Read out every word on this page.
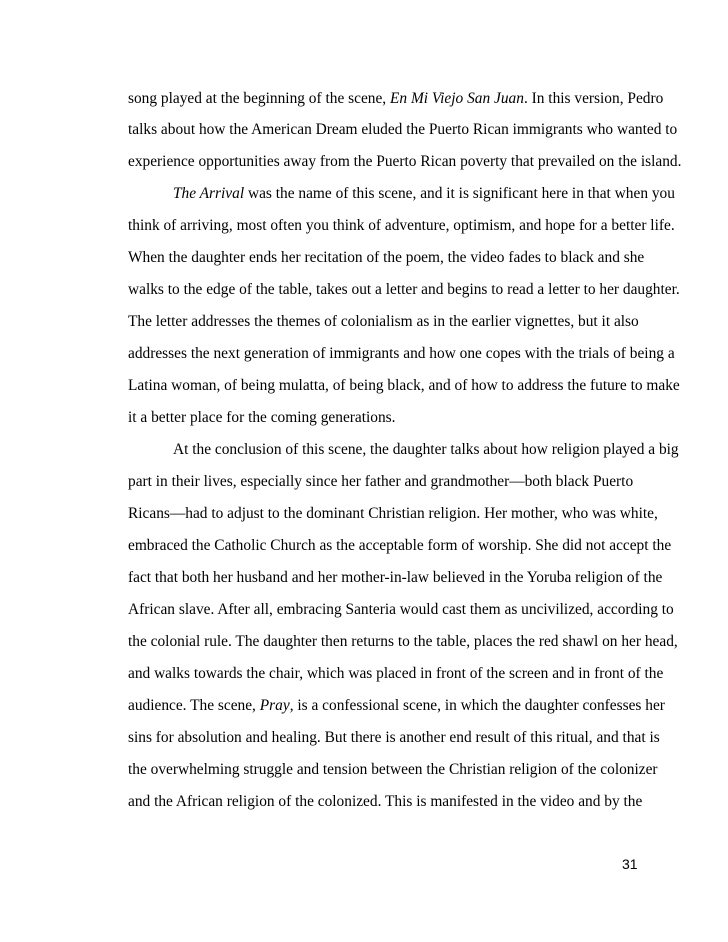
song played at the beginning of the scene, En Mi Viejo San Juan. In this version, Pedro
talks about how the American Dream eluded the Puerto Rican immigrants who wanted to
experience opportunities away from the Puerto Rican poverty that prevailed on the island.
The Arrival was the name of this scene, and it is significant here in that when you
think of arriving, most often you think of adventure, optimism, and hope for a better life.
When the daughter ends her recitation of the poem, the video fades to black and she
walks to the edge of the table, takes out a letter and begins to read a letter to her daughter.
The letter addresses the themes of colonialism as in the earlier vignettes, but it also
addresses the next generation of immigrants and how one copes with the trials of being a
Latina woman, of being mulatta, of being black, and of how to address the future to make
it a better place for the coming generations.
At the conclusion of this scene, the daughter talks about how religion played a big
part in their lives, especially since her father and grandmother—both black Puerto
Ricans—had to adjust to the dominant Christian religion. Her mother, who was white,
embraced the Catholic Church as the acceptable form of worship. She did not accept the
fact that both her husband and her mother-in-law believed in the Yoruba religion of the
African slave. After all, embracing Santeria would cast them as uncivilized, according to
the colonial rule. The daughter then returns to the table, places the red shawl on her head,
and walks towards the chair, which was placed in front of the screen and in front of the
audience. The scene, Pray, is a confessional scene, in which the daughter confesses her
sins for absolution and healing. But there is another end result of this ritual, and that is
the overwhelming struggle and tension between the Christian religion of the colonizer
and the African religion of the colonized. This is manifested in the video and by the
31
